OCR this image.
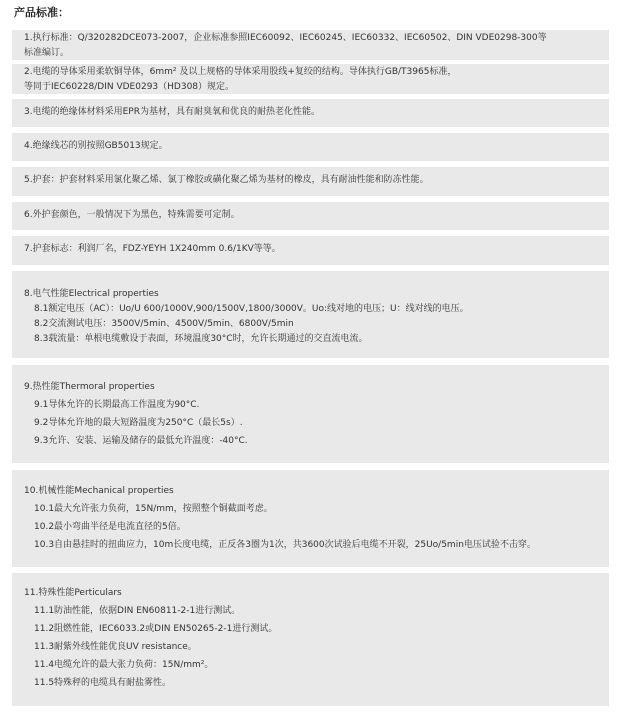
产品标准：

1.执行标准：Q/320282DCE073-2007，企业标准参照IEC60092、IEC60245、IEC60332、IEC60502、DIN VDE0298-300等

标准编订。

2.电缆的导体采用柔软铜导体，6mm² 及以上规格的导体采用股线+复绞的结构。导体执行GB/T3965标准，

等同于IEC60228/DIN VDE0293（HD308）规定。

3.电缆的绝缘体材料采用EPR为基材，具有耐臭氧和优良的耐热老化性能。

4.绝缘线芯的别按照GB5013规定。

5.护套：护套材料采用氯化聚乙烯、氯丁橡胶或磺化聚乙烯为基材的橡皮，具有耐油性能和防冻性能。

6.外护套颜色，一般情况下为黑色，特殊需要可定制。

7.护套标志：利润厂名，FDZ-YEYH 1X240mm 0.6/1KV等等。

8.电气性能Electrical properties

8.1额定电压（AC）：Uo/U 600/1000V,900/1500V,1800/3000V。Uo:线对地的电压；U：线对线的电压。

8.2交流测试电压：3500V/5min、4500V/5min、6800V/5min

8.3载流量：单根电缆敷设于表面，环境温度30°C时，允许长期通过的交直流电流。

9.热性能Thermoral properties

9.1导体允许的长期最高工作温度为90°C.

9.2导体允许地的最大短路温度为250°C（最长5s）.

9.3允许、安装、运输及储存的最低允许温度：-40°C.

10.机械性能Mechanical properties

10.1最大允许张力负荷，15N/mm，按照整个铜截面考虑。

10.2最小弯曲半径是电流直径的5倍。

10.3自由悬挂时的扭曲应力，10m长度电缆，正反各3圈为1次，共3600次试验后电缆不开裂，25Uo/5min电压试验不击穿。

11.特殊性能Perticulars

11.1防油性能，依据DIN EN60811-2-1进行测试。

11.2阻燃性能，IEC6033.2或DIN EN50265-2-1进行测试。

11.3耐紫外线性能优良UV resistance。

11.4电缆允许的最大张力负荷：15N/mm²。

11.5特殊秤的电缆具有耐盐雾性。
